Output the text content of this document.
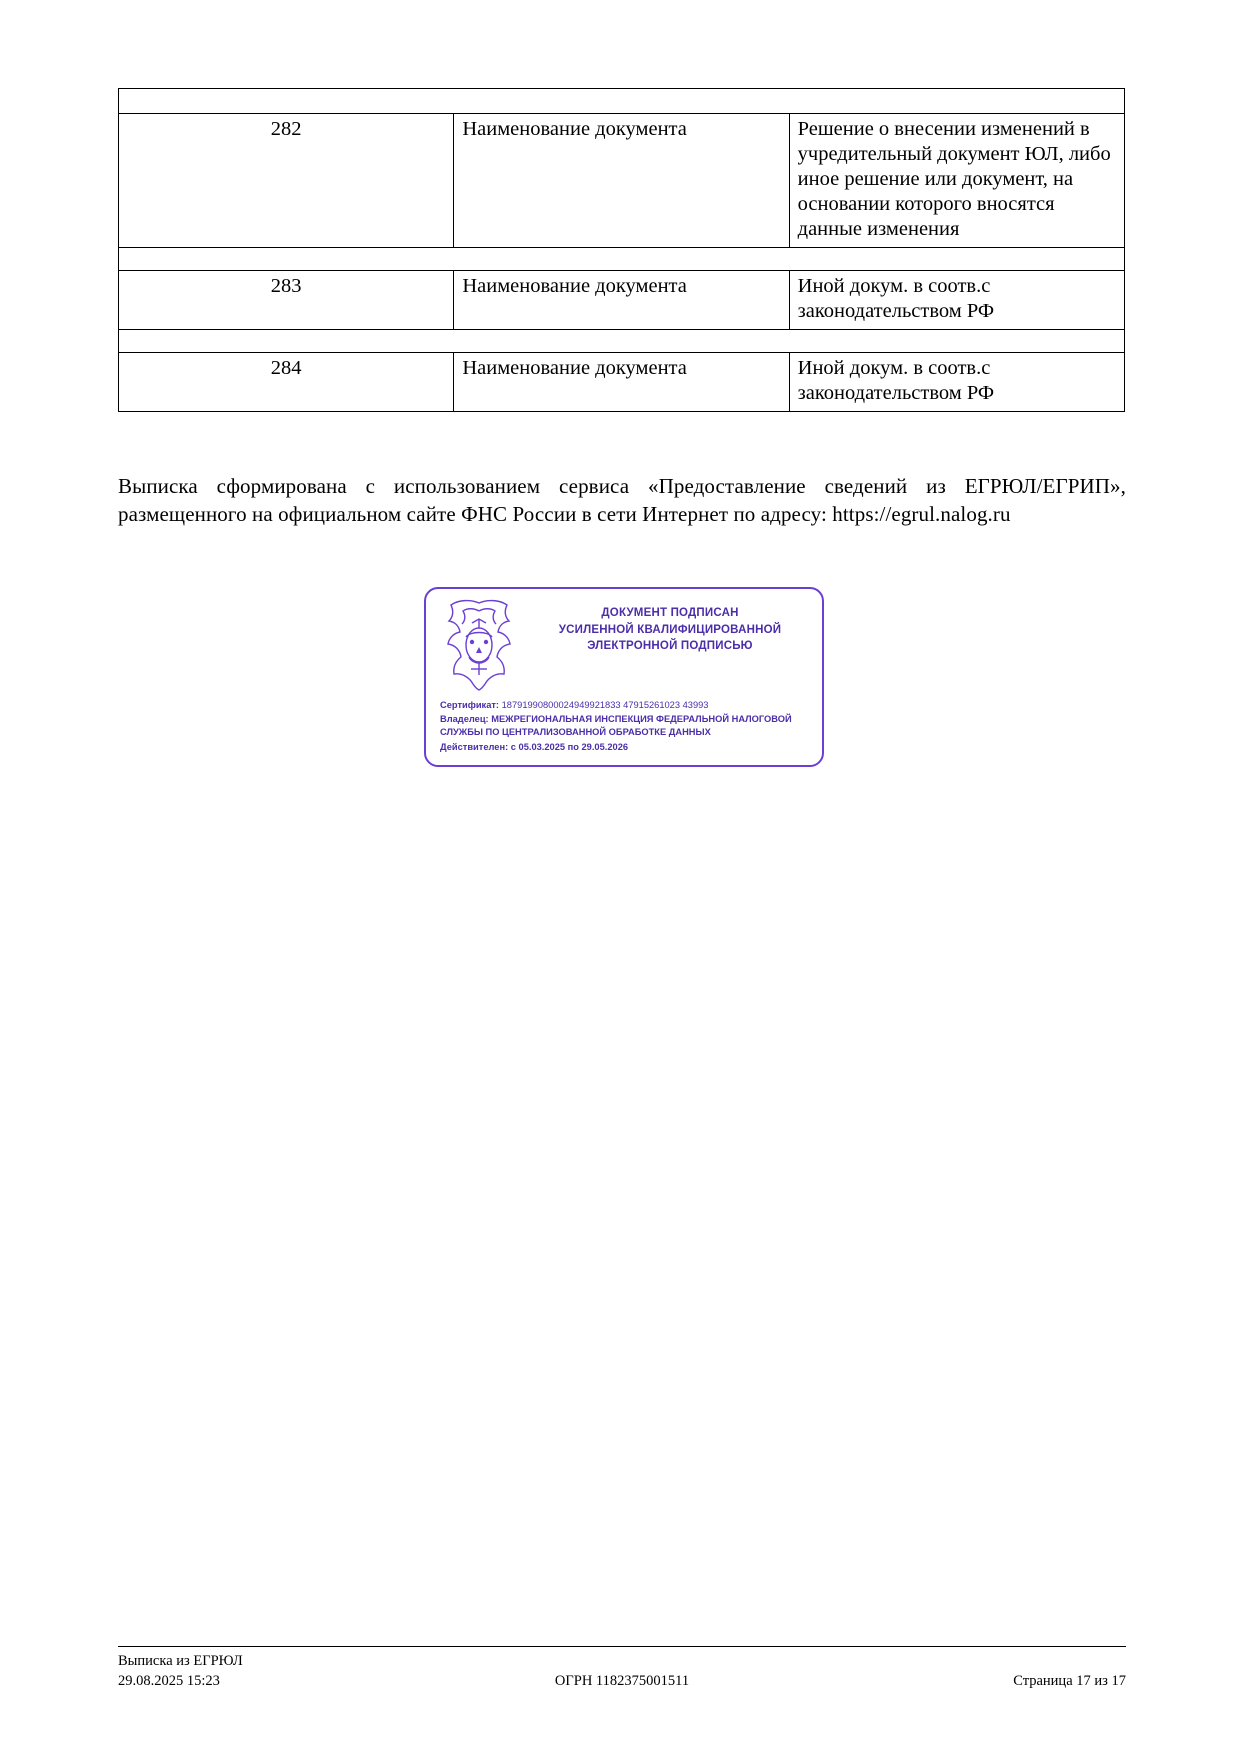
282	Наименование документа	Решение о внесении изменений в учредительный документ ЮЛ, либо иное решение или документ, на основании которого вносятся данные изменения

283	Наименование документа	Иной докум. в соотв.с законодательством РФ

284	Наименование документа	Иной докум. в соотв.с законодательством РФ
Выписка сформирована с использованием сервиса «Предоставление сведений из ЕГРЮЛ/ЕГРИП», размещенного на официальном сайте ФНС России в сети Интернет по адресу: https://egrul.nalog.ru
ДОКУМЕНТ ПОДПИСАН
УСИЛЕННОЙ КВАЛИФИЦИРОВАННОЙ
ЭЛЕКТРОННОЙ ПОДПИСЬЮ
Сертификат: 18791990800024949921833 47915261023 43993
Владелец: МЕЖРЕГИОНАЛЬНАЯ ИНСПЕКЦИЯ ФЕДЕРАЛЬНОЙ НАЛОГОВОЙ СЛУЖБЫ ПО ЦЕНТРАЛИЗОВАННОЙ ОБРАБОТКЕ ДАННЫХ
Действителен: с 05.03.2025 по 29.05.2026
Выписка из ЕГРЮЛ
29.08.2025 15:23	ОГРН 1182375001511	Страница 17 из 17
